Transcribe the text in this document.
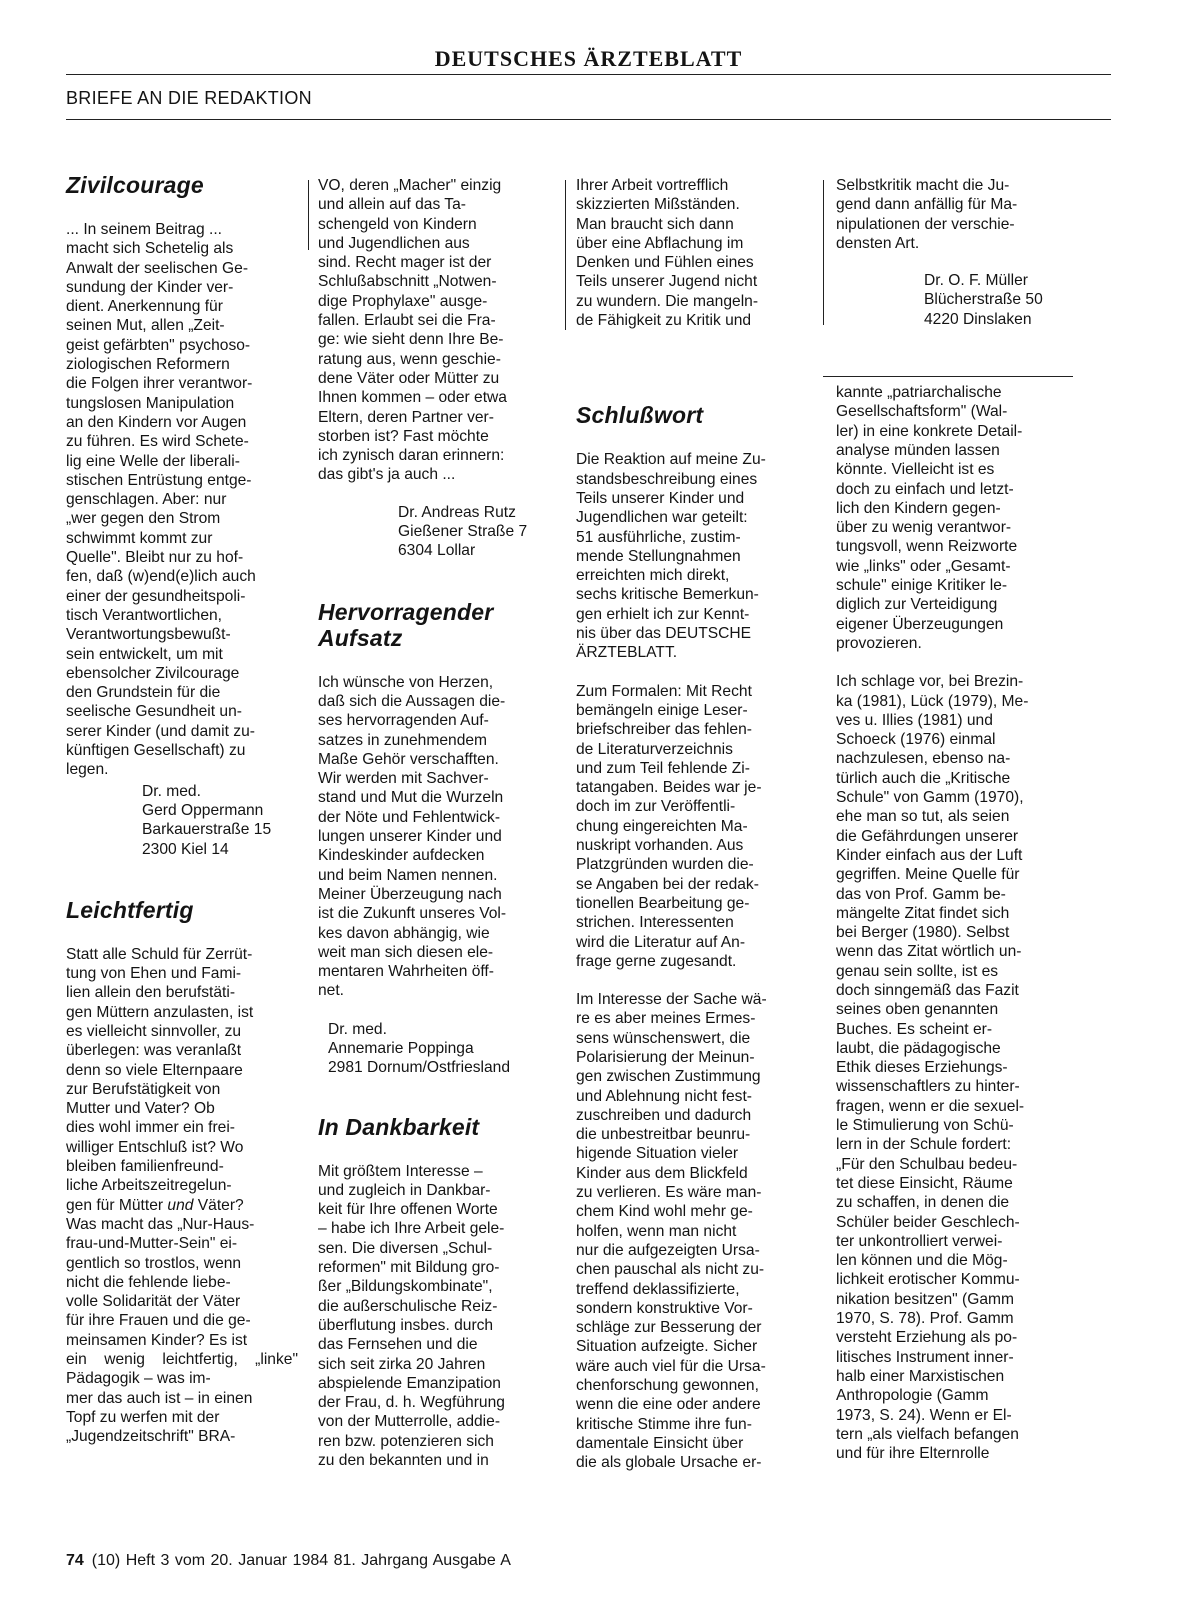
DEUTSCHES ÄRZTEBLATT
BRIEFE AN DIE REDAKTION
Zivilcourage

... In seinem Beitrag ...
macht sich Schetelig als
Anwalt der seelischen Ge-
sundung der Kinder ver-
dient. Anerkennung für
seinen Mut, allen „Zeit-
geist gefärbten" psychoso-
ziologischen Reformern
die Folgen ihrer verantwor-
tungslosen Manipulation
an den Kindern vor Augen
zu führen. Es wird Schete-
lig eine Welle der liberali-
stischen Entrüstung entge-
genschlagen. Aber: nur
„wer gegen den Strom
schwimmt kommt zur
Quelle". Bleibt nur zu hof-
fen, daß (w)end(e)lich auch
einer der gesundheitspoli-
tisch Verantwortlichen,
Verantwortungsbewußt-
sein entwickelt, um mit
ebensolcher Zivilcourage
den Grundstein für die
seelische Gesundheit un-
serer Kinder (und damit zu-
künftigen Gesellschaft) zu
legen.

Dr. med.
Gerd Oppermann
Barkauerstraße 15
2300 Kiel 14

Leichtfertig

Statt alle Schuld für Zerrüt-
tung von Ehen und Fami-
lien allein den berufstäti-
gen Müttern anzulasten, ist
es vielleicht sinnvoller, zu
überlegen: was veranlaßt
denn so viele Elternpaare
zur Berufstätigkeit von
Mutter und Vater? Ob
dies wohl immer ein frei-
williger Entschluß ist? Wo
bleiben familienfreund-
liche Arbeitszeitregelun-
gen für Mütter und Väter?
Was macht das „Nur-Haus-
frau-und-Mutter-Sein" ei-
gentlich so trostlos, wenn
nicht die fehlende liebe-
volle Solidarität der Väter
für ihre Frauen und die ge-
meinsamen Kinder? Es ist
ein wenig leichtfertig, „linke" Pädagogik – was im-
mer das auch ist – in einen
Topf zu werfen mit der
„Jugendzeitschrift" BRA-

VO, deren „Macher" einzig
und allein auf das Ta-
schengeld von Kindern
und Jugendlichen aus
sind. Recht mager ist der
Schlußabschnitt „Notwen-
dige Prophylaxe" ausge-
fallen. Erlaubt sei die Fra-
ge: wie sieht denn Ihre Be-
ratung aus, wenn geschie-
dene Väter oder Mütter zu
Ihnen kommen – oder etwa
Eltern, deren Partner ver-
storben ist? Fast möchte
ich zynisch daran erinnern:
das gibt's ja auch ...

Dr. Andreas Rutz
Gießener Straße 7
6304 Lollar

Hervorragender
Aufsatz

Ich wünsche von Herzen,
daß sich die Aussagen die-
ses hervorragenden Auf-
satzes in zunehmendem
Maße Gehör verschafften.
Wir werden mit Sachver-
stand und Mut die Wurzeln
der Nöte und Fehlentwick-
lungen unserer Kinder und
Kindeskinder aufdecken
und beim Namen nennen.
Meiner Überzeugung nach
ist die Zukunft unseres Vol-
kes davon abhängig, wie
weit man sich diesen ele-
mentaren Wahrheiten öff-
net.

Dr. med.
Annemarie Poppinga
2981 Dornum/Ostfriesland

In Dankbarkeit

Mit größtem Interesse –
und zugleich in Dankbar-
keit für Ihre offenen Worte
– habe ich Ihre Arbeit gele-
sen. Die diversen „Schul-
reformen" mit Bildung gro-
ßer „Bildungskombinate",
die außerschulische Reiz-
überflutung insbes. durch
das Fernsehen und die
sich seit zirka 20 Jahren
abspielende Emanzipation
der Frau, d. h. Wegführung
von der Mutterrolle, addie-
ren bzw. potenzieren sich
zu den bekannten und in

Ihrer Arbeit vortrefflich
skizzierten Mißständen.
Man braucht sich dann
über eine Abflachung im
Denken und Fühlen eines
Teils unserer Jugend nicht
zu wundern. Die mangeln-
de Fähigkeit zu Kritik und

Schlußwort

Die Reaktion auf meine Zu-
standsbeschreibung eines
Teils unserer Kinder und
Jugendlichen war geteilt:
51 ausführliche, zustim-
mende Stellungnahmen
erreichten mich direkt,
sechs kritische Bemerkun-
gen erhielt ich zur Kennt-
nis über das DEUTSCHE
ÄRZTEBLATT.

Zum Formalen: Mit Recht
bemängeln einige Leser-
briefschreiber das fehlen-
de Literaturverzeichnis
und zum Teil fehlende Zi-
tatangaben. Beides war je-
doch im zur Veröffentli-
chung eingereichten Ma-
nuskript vorhanden. Aus
Platzgründen wurden die-
se Angaben bei der redak-
tionellen Bearbeitung ge-
strichen. Interessenten
wird die Literatur auf An-
frage gerne zugesandt.

Im Interesse der Sache wä-
re es aber meines Ermes-
sens wünschenswert, die
Polarisierung der Meinun-
gen zwischen Zustimmung
und Ablehnung nicht fest-
zuschreiben und dadurch
die unbestreitbar beunru-
higende Situation vieler
Kinder aus dem Blickfeld
zu verlieren. Es wäre man-
chem Kind wohl mehr ge-
holfen, wenn man nicht
nur die aufgezeigten Ursa-
chen pauschal als nicht zu-
treffend deklassifizierte,
sondern konstruktive Vor-
schläge zur Besserung der
Situation aufzeigte. Sicher
wäre auch viel für die Ursa-
chenforschung gewonnen,
wenn die eine oder andere
kritische Stimme ihre fun-
damentale Einsicht über
die als globale Ursache er-

Selbstkritik macht die Ju-
gend dann anfällig für Ma-
nipulationen der verschie-
densten Art.

Dr. O. F. Müller
Blücherstraße 50
4220 Dinslaken

kannte „patriarchalische
Gesellschaftsform" (Wal-
ler) in eine konkrete Detail-
analyse münden lassen
könnte. Vielleicht ist es
doch zu einfach und letzt-
lich den Kindern gegen-
über zu wenig verantwor-
tungsvoll, wenn Reizworte
wie „links" oder „Gesamt-
schule" einige Kritiker le-
diglich zur Verteidigung
eigener Überzeugungen
provozieren.

Ich schlage vor, bei Brezin-
ka (1981), Lück (1979), Me-
ves u. Illies (1981) und
Schoeck (1976) einmal
nachzulesen, ebenso na-
türlich auch die „Kritische
Schule" von Gamm (1970),
ehe man so tut, als seien
die Gefährdungen unserer
Kinder einfach aus der Luft
gegriffen. Meine Quelle für
das von Prof. Gamm be-
mängelte Zitat findet sich
bei Berger (1980). Selbst
wenn das Zitat wörtlich un-
genau sein sollte, ist es
doch sinngemäß das Fazit
seines oben genannten
Buches. Es scheint er-
laubt, die pädagogische
Ethik dieses Erziehungs-
wissenschaftlers zu hinter-
fragen, wenn er die sexuel-
le Stimulierung von Schü-
lern in der Schule fordert:
„Für den Schulbau bedeu-
tet diese Einsicht, Räume
zu schaffen, in denen die
Schüler beider Geschlech-
ter unkontrolliert verwei-
len können und die Mög-
lichkeit erotischer Kommu-
nikation besitzen" (Gamm
1970, S. 78). Prof. Gamm
versteht Erziehung als po-
litisches Instrument inner-
halb einer Marxistischen
Anthropologie (Gamm
1973, S. 24). Wenn er El-
tern „als vielfach befangen
und für ihre Elternrolle

74 (10) Heft 3 vom 20. Januar 1984 81. Jahrgang Ausgabe A
